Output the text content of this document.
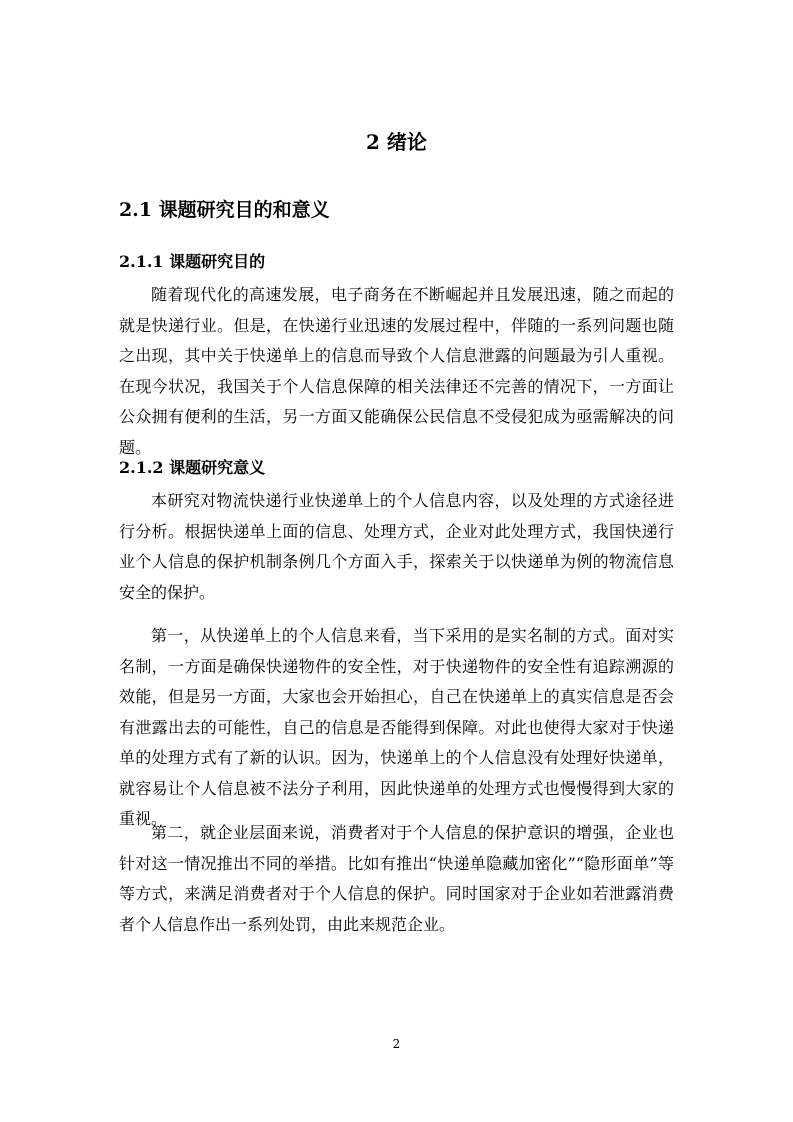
2 绪论
2.1 课题研究目的和意义
2.1.1 课题研究目的

随着现代化的高速发展，电子商务在不断崛起并且发展迅速，随之而起的就是快递行业。但是，在快递行业迅速的发展过程中，伴随的一系列问题也随之出现，其中关于快递单上的信息而导致个人信息泄露的问题最为引人重视。在现今状况，我国关于个人信息保障的相关法律还不完善的情况下，一方面让公众拥有便利的生活，另一方面又能确保公民信息不受侵犯成为亟需解决的问题。

2.1.2 课题研究意义

本研究对物流快递行业快递单上的个人信息内容，以及处理的方式途径进行分析。根据快递单上面的信息、处理方式，企业对此处理方式，我国快递行业个人信息的保护机制条例几个方面入手，探索关于以快递单为例的物流信息安全的保护。

第一，从快递单上的个人信息来看，当下采用的是实名制的方式。面对实名制，一方面是确保快递物件的安全性，对于快递物件的安全性有追踪溯源的效能，但是另一方面，大家也会开始担心，自己在快递单上的真实信息是否会有泄露出去的可能性，自己的信息是否能得到保障。对此也使得大家对于快递单的处理方式有了新的认识。因为，快递单上的个人信息没有处理好快递单，就容易让个人信息被不法分子利用，因此快递单的处理方式也慢慢得到大家的重视。

第二，就企业层面来说，消费者对于个人信息的保护意识的增强，企业也针对这一情况推出不同的举措。比如有推出“快递单隐藏加密化”“隐形面单”等等方式，来满足消费者对于个人信息的保护。同时国家对于企业如若泄露消费者个人信息作出一系列处罚，由此来规范企业。

2
